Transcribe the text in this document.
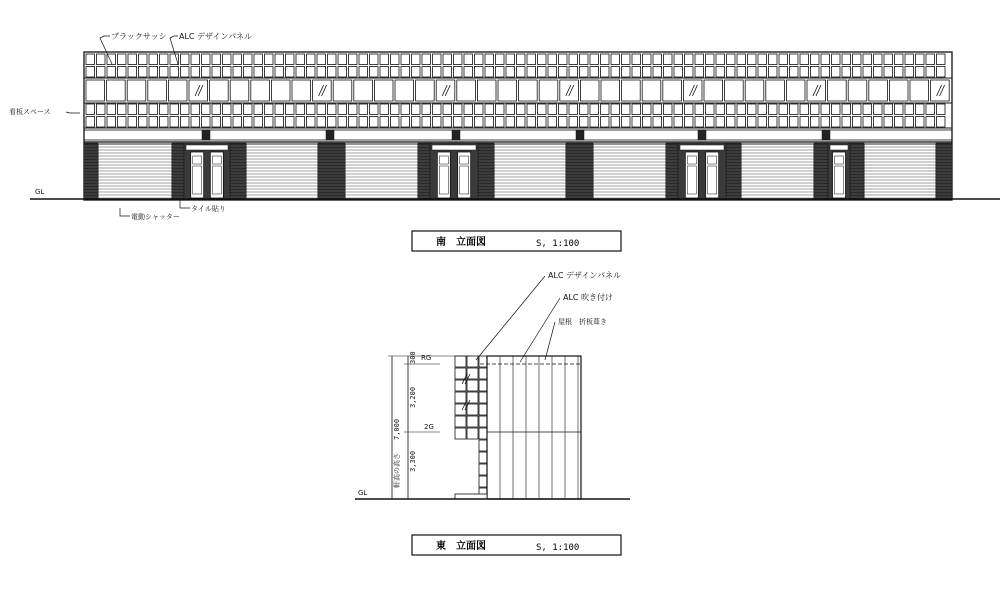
ブラックサッシ ALC デザインパネル
看板スペース
GL
タイル貼り
電動シャッター
南　立面図	S, 1:100
ALC デザインパネル
ALC 吹き付け
屋根　折板葺き
RG
2G
GL
300
3,200
7,000
3,300
軒高の高さ
東　立面図	S, 1:100
